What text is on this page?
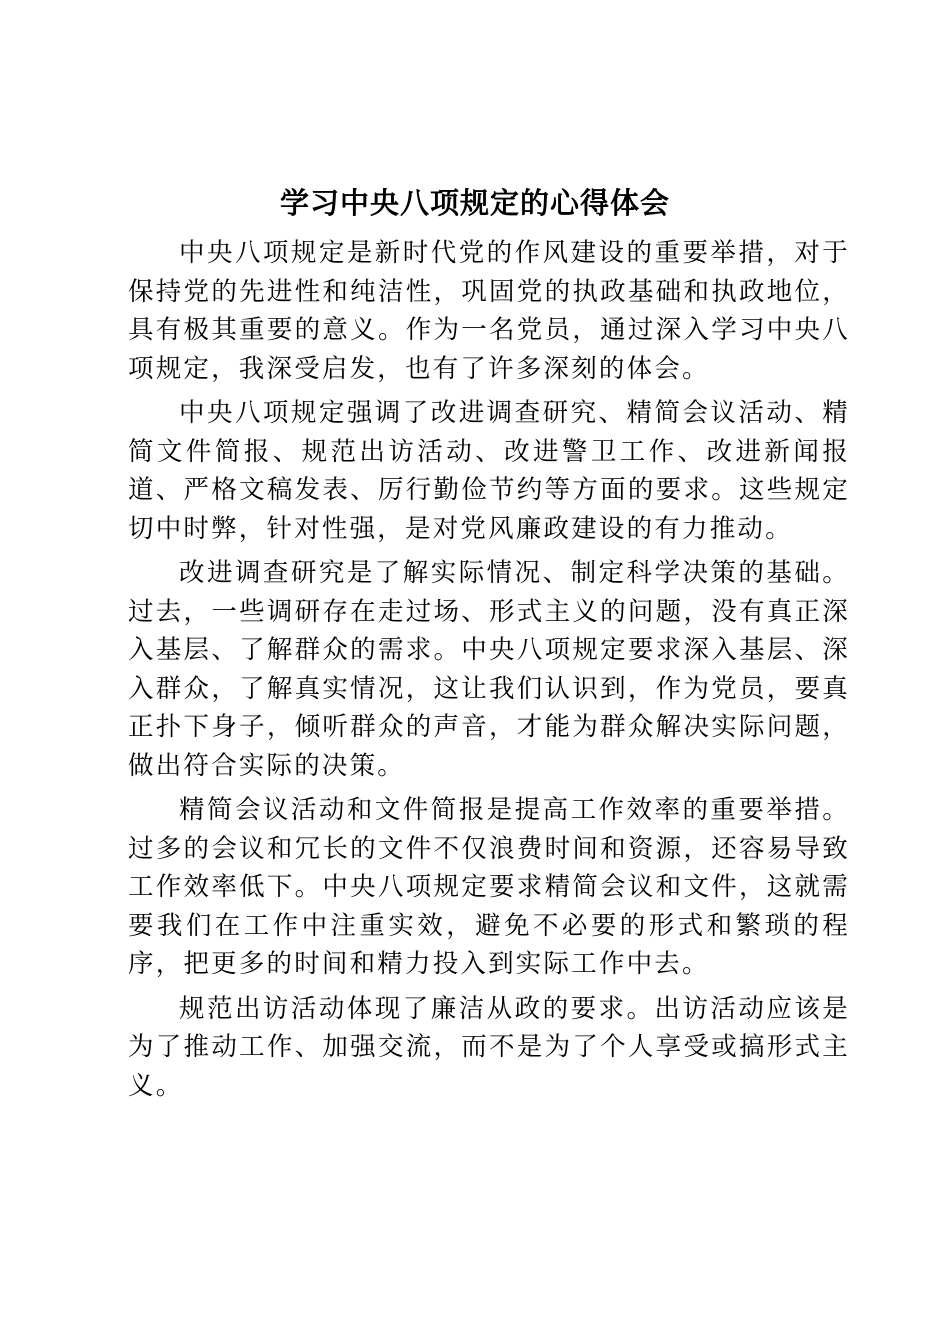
学习中央八项规定的心得体会

中央八项规定是新时代党的作风建设的重要举措，对于保持党的先进性和纯洁性，巩固党的执政基础和执政地位，具有极其重要的意义。作为一名党员，通过深入学习中央八项规定，我深受启发，也有了许多深刻的体会。

中央八项规定强调了改进调查研究、精简会议活动、精简文件简报、规范出访活动、改进警卫工作、改进新闻报道、严格文稿发表、厉行勤俭节约等方面的要求。这些规定切中时弊，针对性强，是对党风廉政建设的有力推动。

改进调查研究是了解实际情况、制定科学决策的基础。过去，一些调研存在走过场、形式主义的问题，没有真正深入基层、了解群众的需求。中央八项规定要求深入基层、深入群众，了解真实情况，这让我们认识到，作为党员，要真正扑下身子，倾听群众的声音，才能为群众解决实际问题，做出符合实际的决策。

精简会议活动和文件简报是提高工作效率的重要举措。过多的会议和冗长的文件不仅浪费时间和资源，还容易导致工作效率低下。中央八项规定要求精简会议和文件，这就需要我们在工作中注重实效，避免不必要的形式和繁琐的程序，把更多的时间和精力投入到实际工作中去。

规范出访活动体现了廉洁从政的要求。出访活动应该是为了推动工作、加强交流，而不是为了个人享受或搞形式主义。
